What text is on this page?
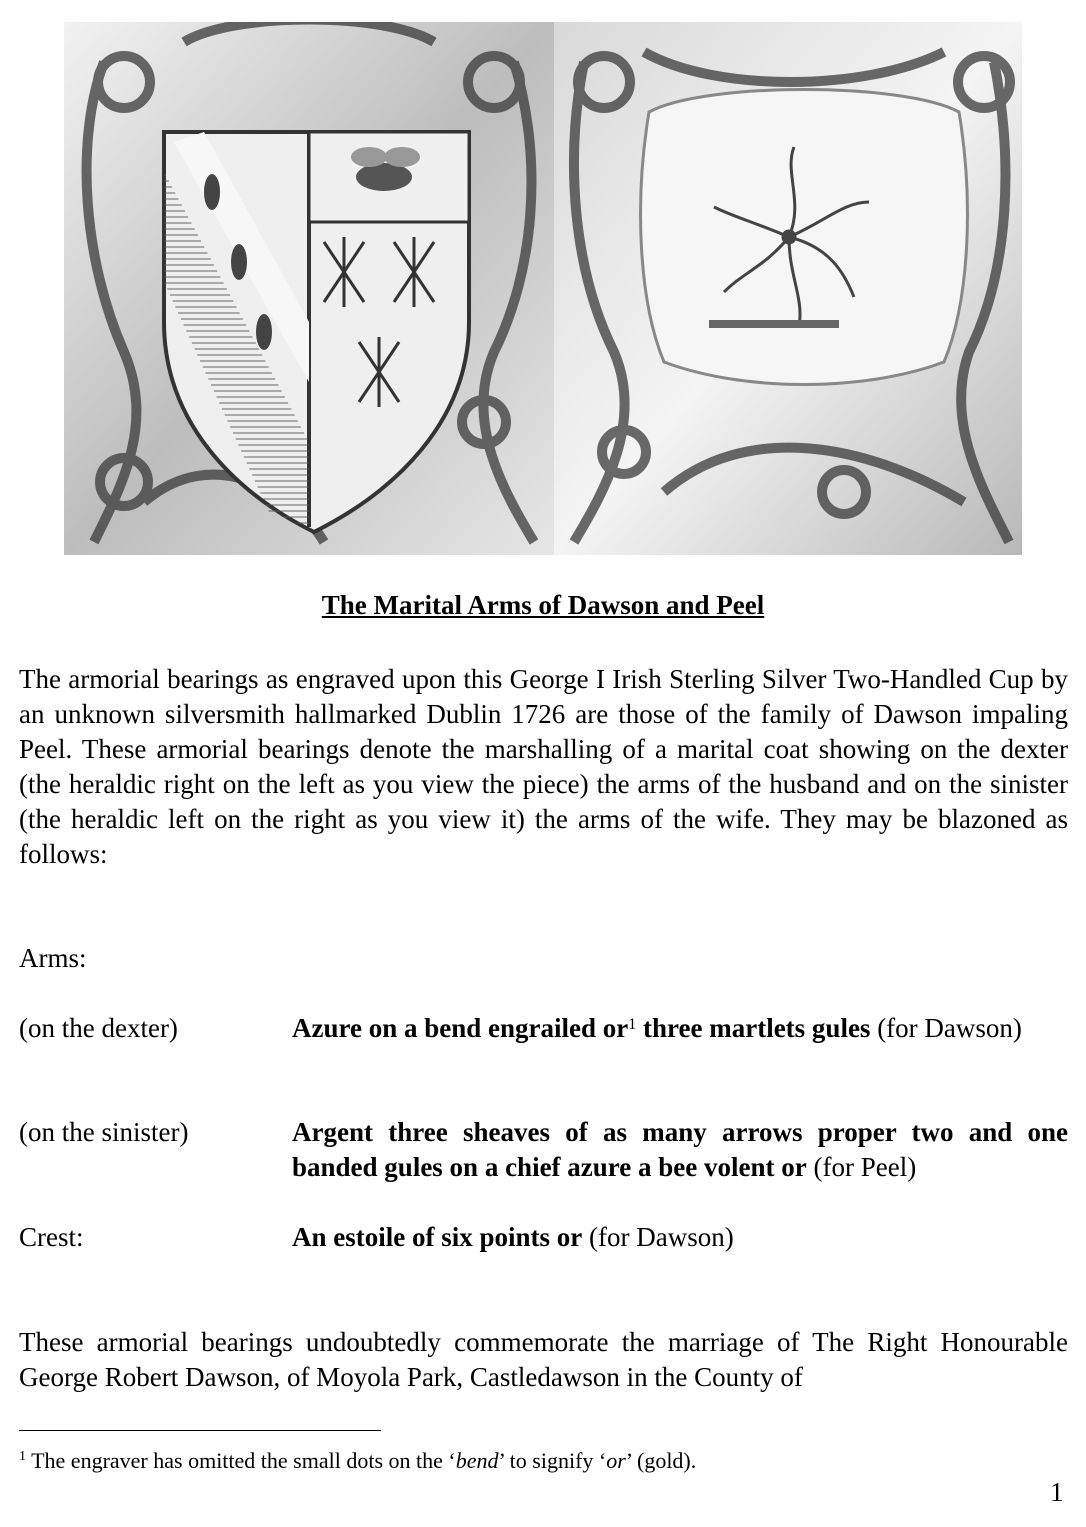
The Marital Arms of Dawson and Peel
The armorial bearings as engraved upon this George I Irish Sterling Silver Two-Handled Cup by an unknown silversmith hallmarked Dublin 1726 are those of the family of Dawson impaling Peel. These armorial bearings denote the marshalling of a marital coat showing on the dexter (the heraldic right on the left as you view the piece) the arms of the husband and on the sinister (the heraldic left on the right as you view it) the arms of the wife. They may be blazoned as follows:
Arms:
(on the dexter)	Azure on a bend engrailed $or^1$ three martlets gules (for Dawson)
(on the sinister)	Argent three sheaves of as many arrows proper two and one banded gules on a chief azure a bee volent or (for Peel)
Crest:	An estoile of six points or (for Dawson)
These armorial bearings undoubtedly commemorate the marriage of The Right Honourable George Robert Dawson, of Moyola Park, Castledawson in the County of
$^1$ The engraver has omitted the small dots on the ‘bend’ to signify ‘or’ (gold).
1
